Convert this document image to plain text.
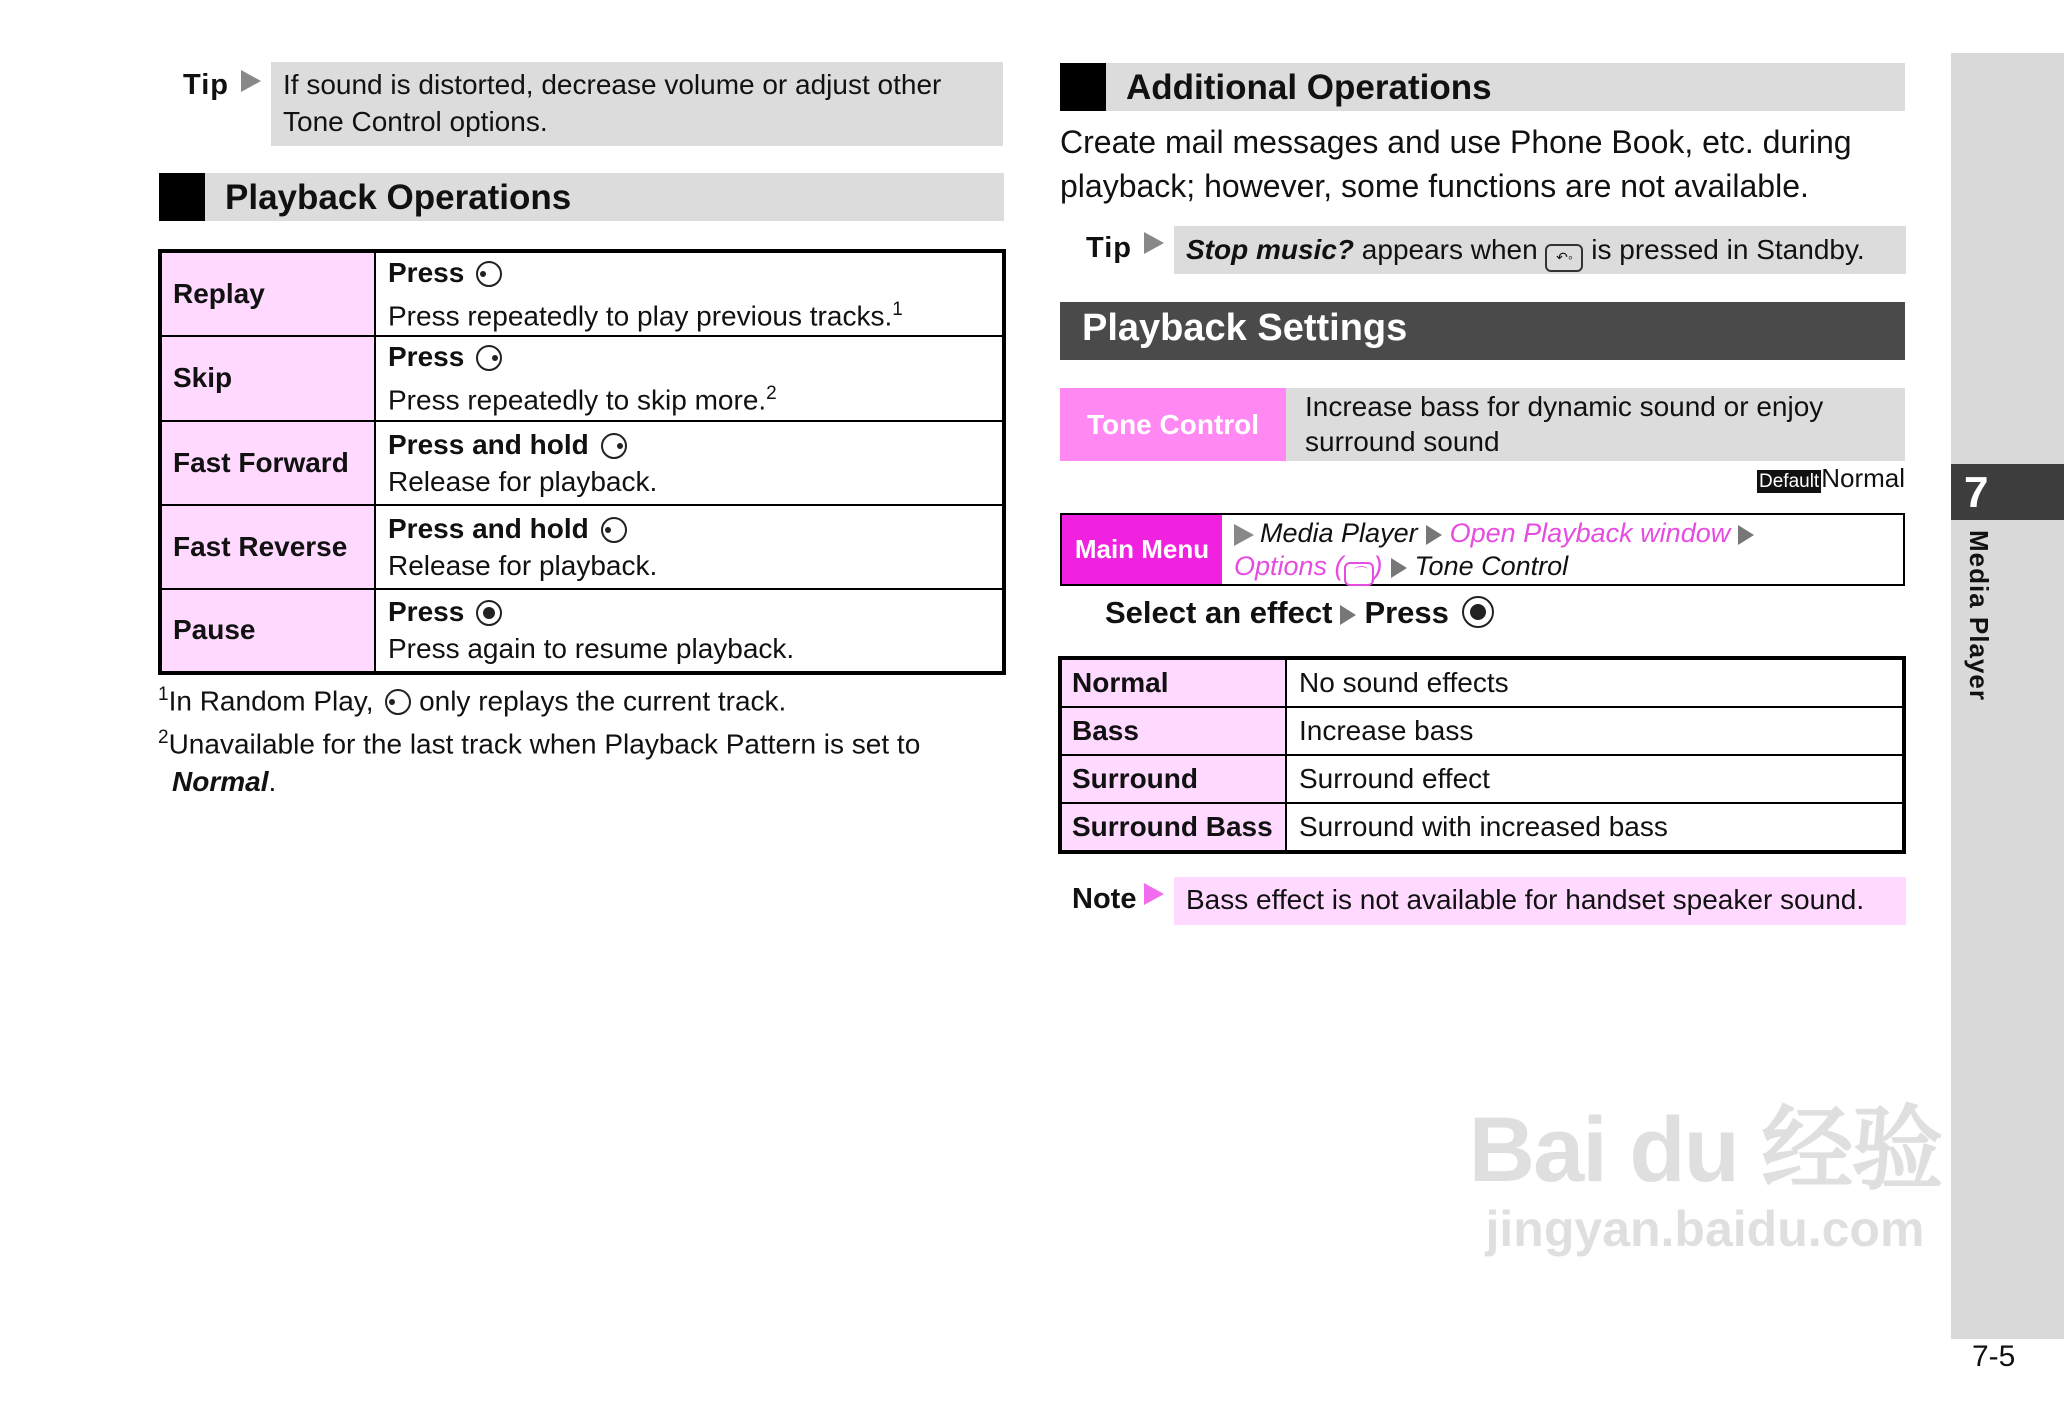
Tip If sound is distorted, decrease volume or adjust other
Tone Control options.
Playback Operations
Replay	Press

Press repeatedly to play previous tracks.$^1$
Skip	Press

Press repeatedly to skip more.$^2$
Fast Forward	Press and hold

Release for playback.
Fast Reverse	Press and hold

Release for playback.
Pause	Press

Press again to resume playback.
$^1$In Random Play, only replays the current track.
$^2$Unavailable for the last track when Playback Pattern is set to
Normal.
Additional Operations
Create mail messages and use Phone Book, etc. during
playback; however, some functions are not available.
Tip	Stop music? appears when ↶◦ is pressed in Standby.
Playback Settings
Tone Control
Increase bass for dynamic sound or enjoy
surround sound
DefaultNormal
Main Menu
Media Player Open Playback window
Options ( ⌒ ) Tone Control
Select an effect Press
Normal	No sound effects
Bass	Increase bass
Surround	Surround effect
Surround Bass	Surround with increased bass
Note	Bass effect is not available for handset speaker sound.
7
Media Player
7-5
Bai du 经验
jingyan.baidu.com
